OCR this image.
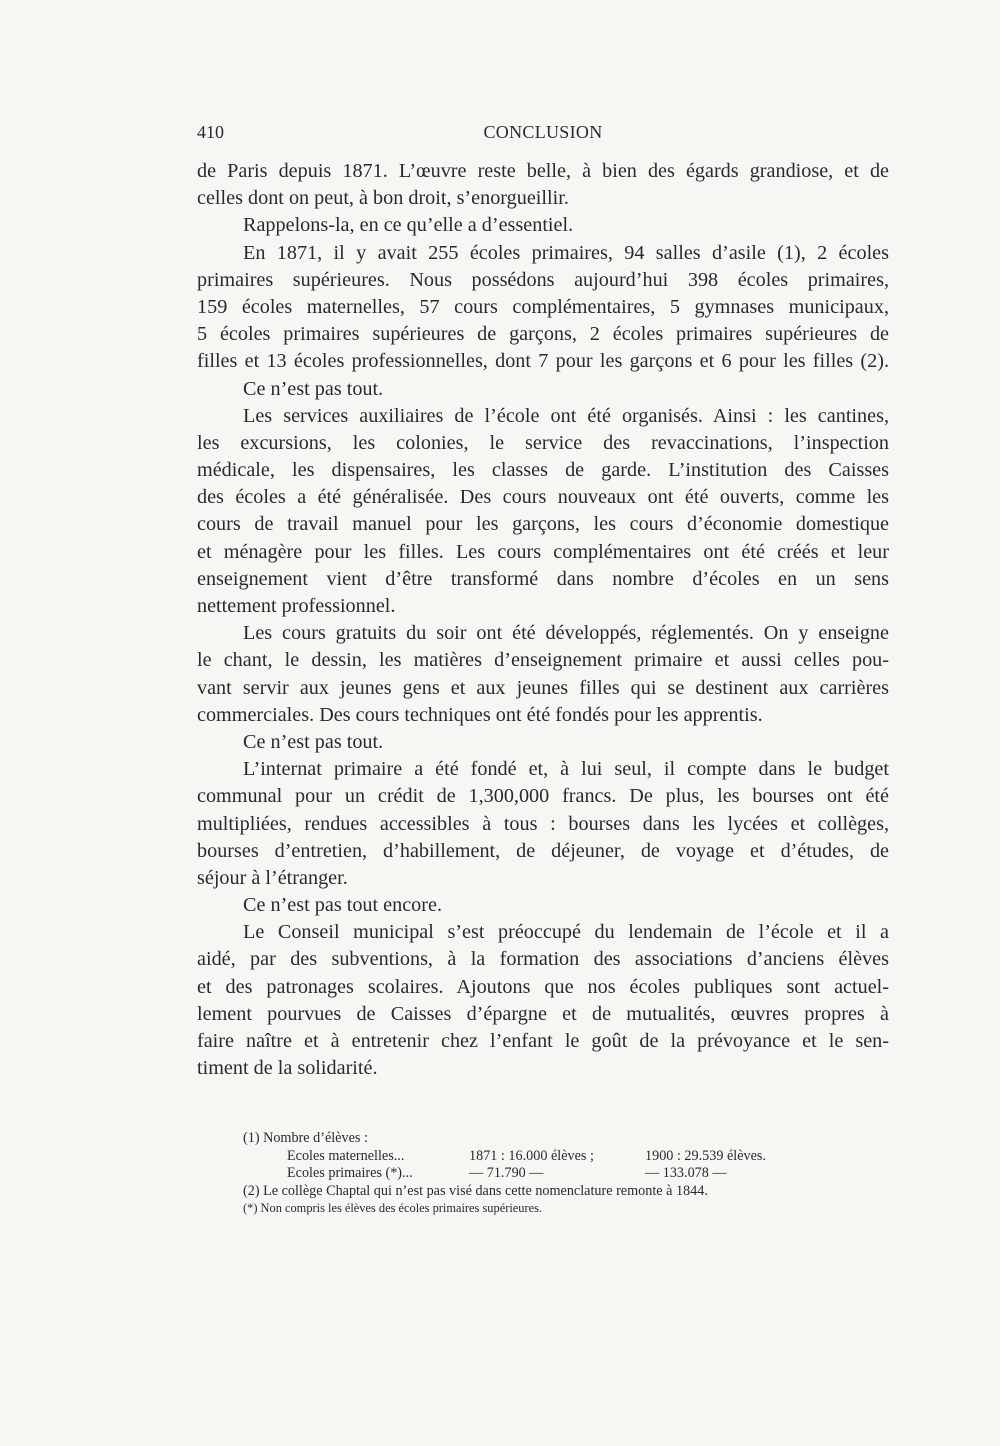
410	CONCLUSION
de Paris depuis 1871. L’œuvre reste belle, à bien des égards grandiose, et de
celles dont on peut, à bon droit, s’enorgueillir.
Rappelons-la, en ce qu’elle a d’essentiel.
En 1871, il y avait 255 écoles primaires, 94 salles d’asile (1), 2 écoles
primaires supérieures. Nous possédons aujourd’hui 398 écoles primaires,
159 écoles maternelles, 57 cours complémentaires, 5 gymnases municipaux,
5 écoles primaires supérieures de garçons, 2 écoles primaires supérieures de
filles et 13 écoles professionnelles, dont 7 pour les garçons et 6 pour les filles (2).
Ce n’est pas tout.
Les services auxiliaires de l’école ont été organisés. Ainsi : les cantines,
les excursions, les colonies, le service des revaccinations, l’inspection
médicale, les dispensaires, les classes de garde. L’institution des Caisses
des écoles a été généralisée. Des cours nouveaux ont été ouverts, comme les
cours de travail manuel pour les garçons, les cours d’économie domestique
et ménagère pour les filles. Les cours complémentaires ont été créés et leur
enseignement vient d’être transformé dans nombre d’écoles en un sens
nettement professionnel.
Les cours gratuits du soir ont été développés, réglementés. On y enseigne
le chant, le dessin, les matières d’enseignement primaire et aussi celles pou-
vant servir aux jeunes gens et aux jeunes filles qui se destinent aux carrières
commerciales. Des cours techniques ont été fondés pour les apprentis.
Ce n’est pas tout.
L’internat primaire a été fondé et, à lui seul, il compte dans le budget
communal pour un crédit de 1,300,000 francs. De plus, les bourses ont été
multipliées, rendues accessibles à tous : bourses dans les lycées et collèges,
bourses d’entretien, d’habillement, de déjeuner, de voyage et d’études, de
séjour à l’étranger.
Ce n’est pas tout encore.
Le Conseil municipal s’est préoccupé du lendemain de l’école et il a
aidé, par des subventions, à la formation des associations d’anciens élèves
et des patronages scolaires. Ajoutons que nos écoles publiques sont actuel-
lement pourvues de Caisses d’épargne et de mutualités, œuvres propres à
faire naître et à entretenir chez l’enfant le goût de la prévoyance et le sen-
timent de la solidarité.
(1) Nombre d’élèves :
Ecoles maternelles...	1871 : 16.000 élèves ;	1900 : 29.539 élèves.
Ecoles primaires (*)...	— 71.790 —	— 133.078 —
(2) Le collège Chaptal qui n’est pas visé dans cette nomenclature remonte à 1844.
(*) Non compris les élèves des écoles primaires supérieures.
